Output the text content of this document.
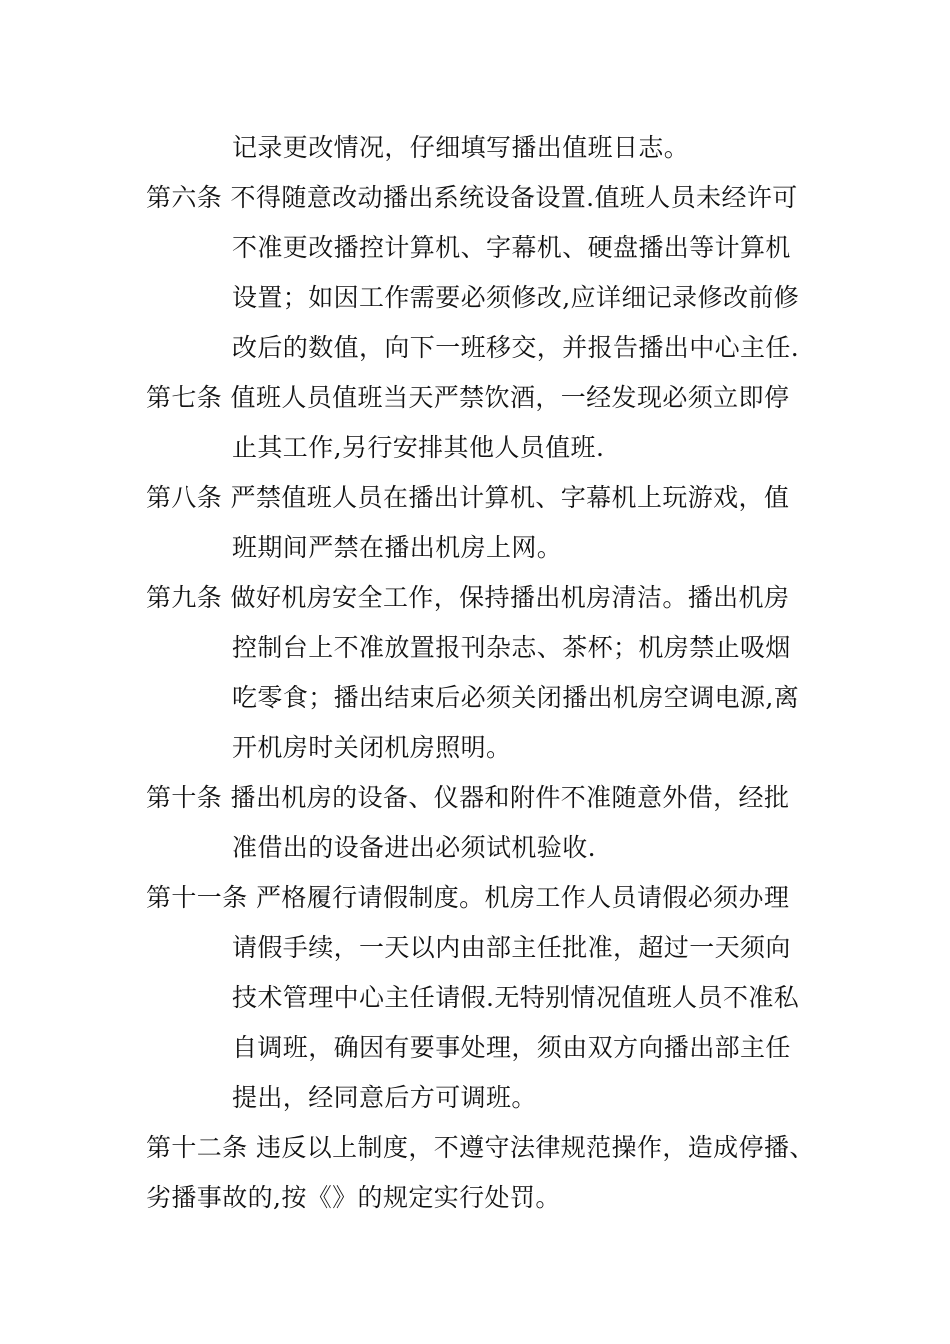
记录更改情况，仔细填写播出值班日志。
第六条 不得随意改动播出系统设备设置.值班人员未经许可
不准更改播控计算机、字幕机、硬盘播出等计算机
设置；如因工作需要必须修改,应详细记录修改前修
改后的数值，向下一班移交，并报告播出中心主任.
第七条 值班人员值班当天严禁饮酒，一经发现必须立即停
止其工作,另行安排其他人员值班.
第八条 严禁值班人员在播出计算机、字幕机上玩游戏，值
班期间严禁在播出机房上网。
第九条 做好机房安全工作，保持播出机房清洁。播出机房
控制台上不准放置报刊杂志、茶杯；机房禁止吸烟
吃零食；播出结束后必须关闭播出机房空调电源,离
开机房时关闭机房照明。
第十条 播出机房的设备、仪器和附件不准随意外借，经批
准借出的设备进出必须试机验收.
第十一条 严格履行请假制度。机房工作人员请假必须办理
请假手续，一天以内由部主任批准，超过一天须向
技术管理中心主任请假.无特别情况值班人员不准私
自调班，确因有要事处理，须由双方向播出部主任
提出，经同意后方可调班。
第十二条 违反以上制度，不遵守法律规范操作，造成停播、
劣播事故的,按《》的规定实行处罚。
